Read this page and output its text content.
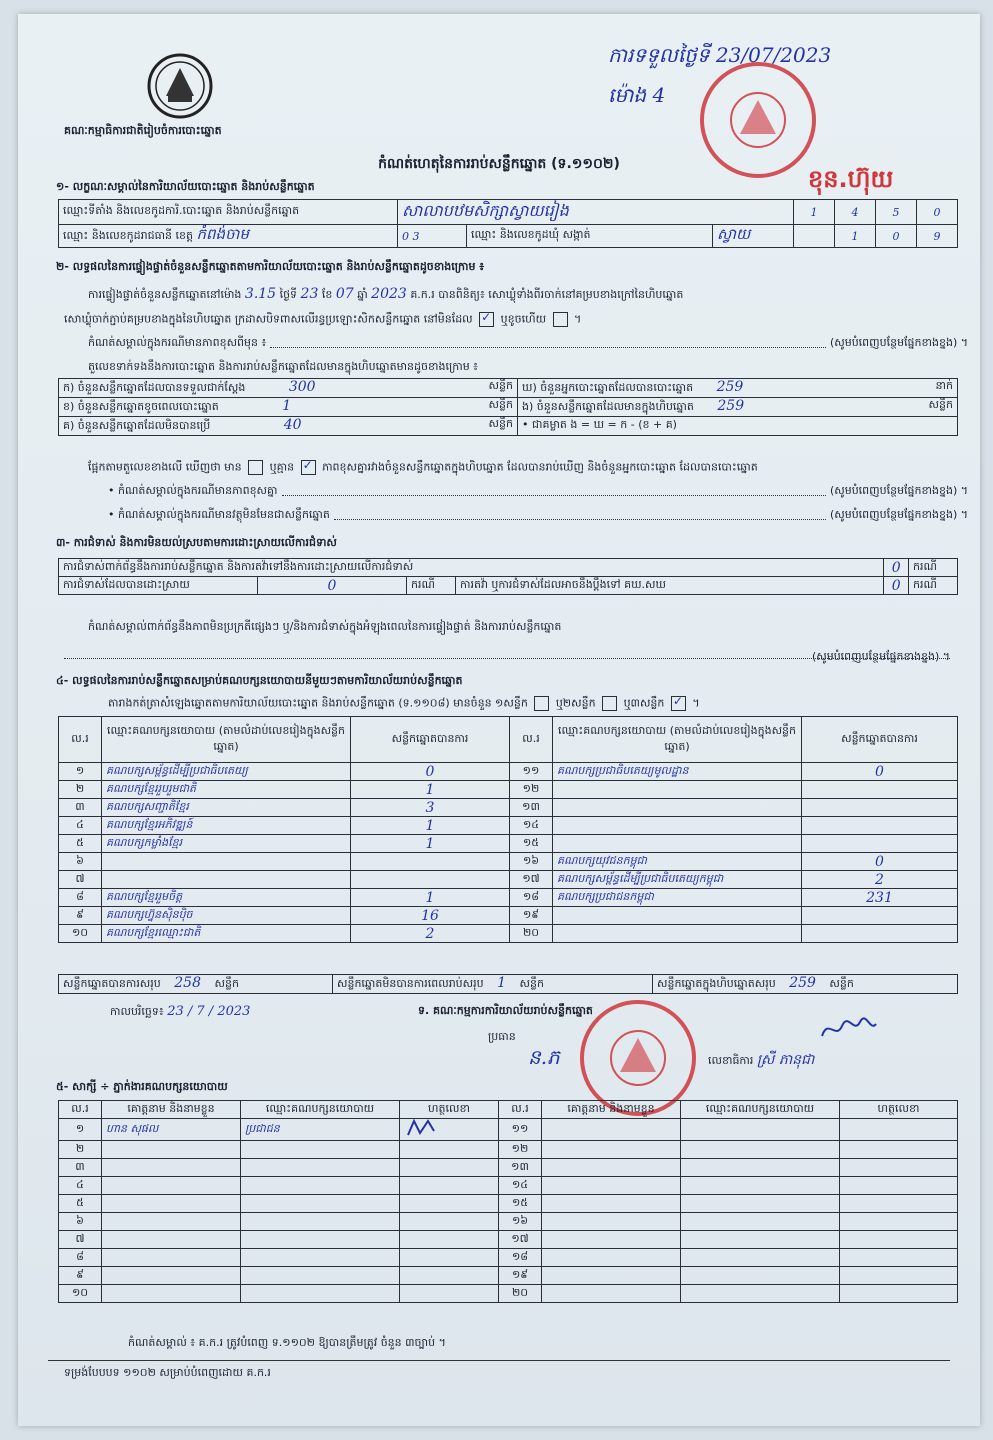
គណៈកម្មាធិការជាតិរៀបចំការបោះឆ្នោត
ការទទួលថ្ងៃទី 23/07/2023
ម៉ោង 4
ខុន.ហ៊ុយ
កំណត់ហេតុនៃការរាប់សន្លឹកឆ្នោត (ទ.១១០២)
១- លក្ខណៈសម្គាល់នៃការិយាល័យបោះឆ្នោត និងរាប់សន្លឹកឆ្នោត
ឈ្មោះទីតាំង និងលេខកូដការិ.បោះឆ្នោត និងរាប់សន្លឹកឆ្នោត	សាលាបឋមសិក្សាស្វាយរៀង			1	4	5	0
ឈ្មោះ និងលេខកូដរាជធានី ខេត្ត កំពង់ចាម	0 3	ឈ្មោះ និងលេខកូដឃុំ សង្កាត់	ស្វាយ		1	0	9
២- លទ្ធផលនៃការផ្ទៀងផ្ទាត់ចំនួនសន្លឹកឆ្នោតតាមការិយាល័យបោះឆ្នោត និងរាប់សន្លឹកឆ្នោតដូចខាងក្រោម ៖
ការផ្ទៀងផ្ទាត់ចំនួនសន្លឹកឆ្នោតនៅម៉ោង 3.15 ថ្ងៃទី 23 ខែ 07 ឆ្នាំ 2023 គ.ក.រ បានពិនិត្យ៖ សោឃ្លុំទាំងពីរចាក់នៅគម្របខាងក្រៅនៃហិបឆ្នោត
សោឃ្លុំចាក់ភ្ជាប់គម្របខាងក្នុងនៃហិបឆ្នោត ក្រដាសបិទពាសលើរន្ធប្រឡោះសិកសន្លឹកឆ្នោត នៅមិនដែល ✓	ឬខូចហើយ  ។
កំណត់សម្គាល់ក្នុងករណីមានភាពខុសពីមុន ៖	(សូមបំពេញបន្ថែមផ្នែកខាងខ្នង) ។
តួលេខទាក់ទងនឹងការបោះឆ្នោត និងការរាប់សន្លឹកឆ្នោតដែលមានក្នុងហិបឆ្នោតមានដូចខាងក្រោម ៖
ក) ចំនួនសន្លឹកឆ្នោតដែលបានទទួលជាក់ស្តែង 300 សន្លឹក	ឃ) ចំនួនអ្នកបោះឆ្នោតដែលបានបោះឆ្នោត 259 នាក់

ខ) ចំនួនសន្លឹកឆ្នោតខូចពេលបោះឆ្នោត 1 សន្លឹក	ង) ចំនួនសន្លឹកឆ្នោតដែលមានក្នុងហិបឆ្នោត 259 សន្លឹក

គ) ចំនួនសន្លឹកឆ្នោតដែលមិនបានប្រើ 40 សន្លឹក	• ជាគម្លាត ង = ឃ = ក - (ខ + គ)
ផ្អែកតាមតួលេខខាងលើ ឃើញថា មាន	ឬគ្មាន ✓	ភាពខុសគ្នារវាងចំនួនសន្លឹកឆ្នោតក្នុងហិបឆ្នោត ដែលបានរាប់ឃើញ និងចំនួនអ្នកបោះឆ្នោត ដែលបានបោះឆ្នោត
• កំណត់សម្គាល់ក្នុងករណីមានភាពខុសគ្នា	(សូមបំពេញបន្ថែមផ្នែកខាងខ្នង) ។
• កំណត់សម្គាល់ក្នុងករណីមានវត្ថុមិនមែនជាសន្លឹកឆ្នោត	(សូមបំពេញបន្ថែមផ្នែកខាងខ្នង) ។
៣- ការជំទាស់ និងការមិនយល់ស្របតាមការដោះស្រាយលើការជំទាស់
ការជំទាស់ពាក់ព័ន្ធនឹងការរាប់សន្លឹកឆ្នោត និងការតវ៉ាទៅនឹងការដោះស្រាយលើការជំទាស់				0	ករណី
ការជំទាស់ដែលបានដោះស្រាយ	0	ករណី	ការតវ៉ា ឬការជំទាស់ដែលអាចនឹងប្តឹងទៅ គឃ.សឃ	0	ករណី
កំណត់សម្គាល់ពាក់ព័ន្ធនឹងភាពមិនប្រក្រតីផ្សេងៗ ឬ/និងការជំទាស់ក្នុងអំឡុងពេលនៃការផ្ទៀងផ្ទាត់ និងការរាប់សន្លឹកឆ្នោត
(សូមបំពេញបន្ថែមផ្នែកខាងខ្នង) ។
៤- លទ្ធផលនៃការរាប់សន្លឹកឆ្នោតសម្រាប់គណបក្សនយោបាយនីមួយៗតាមការិយាល័យរាប់សន្លឹកឆ្នោត
តារាងកត់ត្រាសំឡេងឆ្នោតតាមការិយាល័យបោះឆ្នោត និងរាប់សន្លឹកឆ្នោត (ទ.១១០៨) មានចំនួន ១សន្លឹក	ឬ២សន្លឹក	ឬ៣សន្លឹក ✓ ។
ល.រ	ឈ្មោះគណបក្សនយោបាយ (តាមលំដាប់លេខរៀងក្នុងសន្លឹកឆ្នោត)	សន្លឹកឆ្នោតបានការ	ល.រ	ឈ្មោះគណបក្សនយោបាយ (តាមលំដាប់លេខរៀងក្នុងសន្លឹកឆ្នោត)	សន្លឹកឆ្នោតបានការ
១	គណបក្សសម្ព័ន្ធដើម្បីប្រជាធិបតេយ្យ	0	១១	គណបក្សប្រជាធិបតេយ្យមូលដ្ឋាន	0
២	គណបក្សខ្មែររួបរួមជាតិ	1	១២		
៣	គណបក្សសញ្ជាតិខ្មែរ	3	១៣		
៤	គណបក្សខ្មែរអភិវឌ្ឍន៍	1	១៤		
៥	គណបក្សកម្លាំងខ្មែរ	1	១៥		
៦			១៦	គណបក្សយុវជនកម្ពុជា	0
៧			១៧	គណបក្សសម្ព័ន្ធដើម្បីប្រជាធិបតេយ្យកម្ពុជា	2
៨	គណបក្សខ្មែររួមចិត្ត	1	១៨	គណបក្សប្រជាជនកម្ពុជា	231
៩	គណបក្សហ្វ៊ុនស៊ិនប៉ិច	16	១៩		
១០	គណបក្សខ្មែរឈ្មោះជាតិ	2	២០		
សន្លឹកឆ្នោតបានការសរុប 258 សន្លឹក	សន្លឹកឆ្នោតមិនបានការពេលរាប់សរុប 1 សន្លឹក	សន្លឹកឆ្នោតក្នុងហិបឆ្នោតសរុប 259 សន្លឹក
កាលបរិច្ឆេទ៖ 23 / 7 / 2023	ទ. គណៈកម្មការការិយាល័យរាប់សន្លឹកឆ្នោត
ប្រធាន
ន.ភ	លេខាធិការ ស្រី ភានុជា
៥- សាក្សី ÷ ភ្នាក់ងារគណបក្សនយោបាយ
ល.រ	គោត្តនាម និងនាមខ្លួន	ឈ្មោះគណបក្សនយោបាយ	ហត្ថលេខា	ល.រ	គោត្តនាម និងនាមខ្លួន	ឈ្មោះគណបក្សនយោបាយ	ហត្ថលេខា
១	ហាន សុផល	ប្រជាជន		១១			
២				១២			
៣				១៣			
៤				១៤			
៥				១៥			
៦				១៦			
៧				១៧			
៨				១៨			
៩				១៩			
១០				២០			
កំណត់សម្គាល់ ៖ គ.ក.រ ត្រូវបំពេញ ទ.១១០២ ឱ្យបានត្រឹមត្រូវ ចំនួន ៣ច្បាប់ ។
ទម្រង់បែបបទ ១១០២ សម្រាប់បំពេញដោយ គ.ក.រ
